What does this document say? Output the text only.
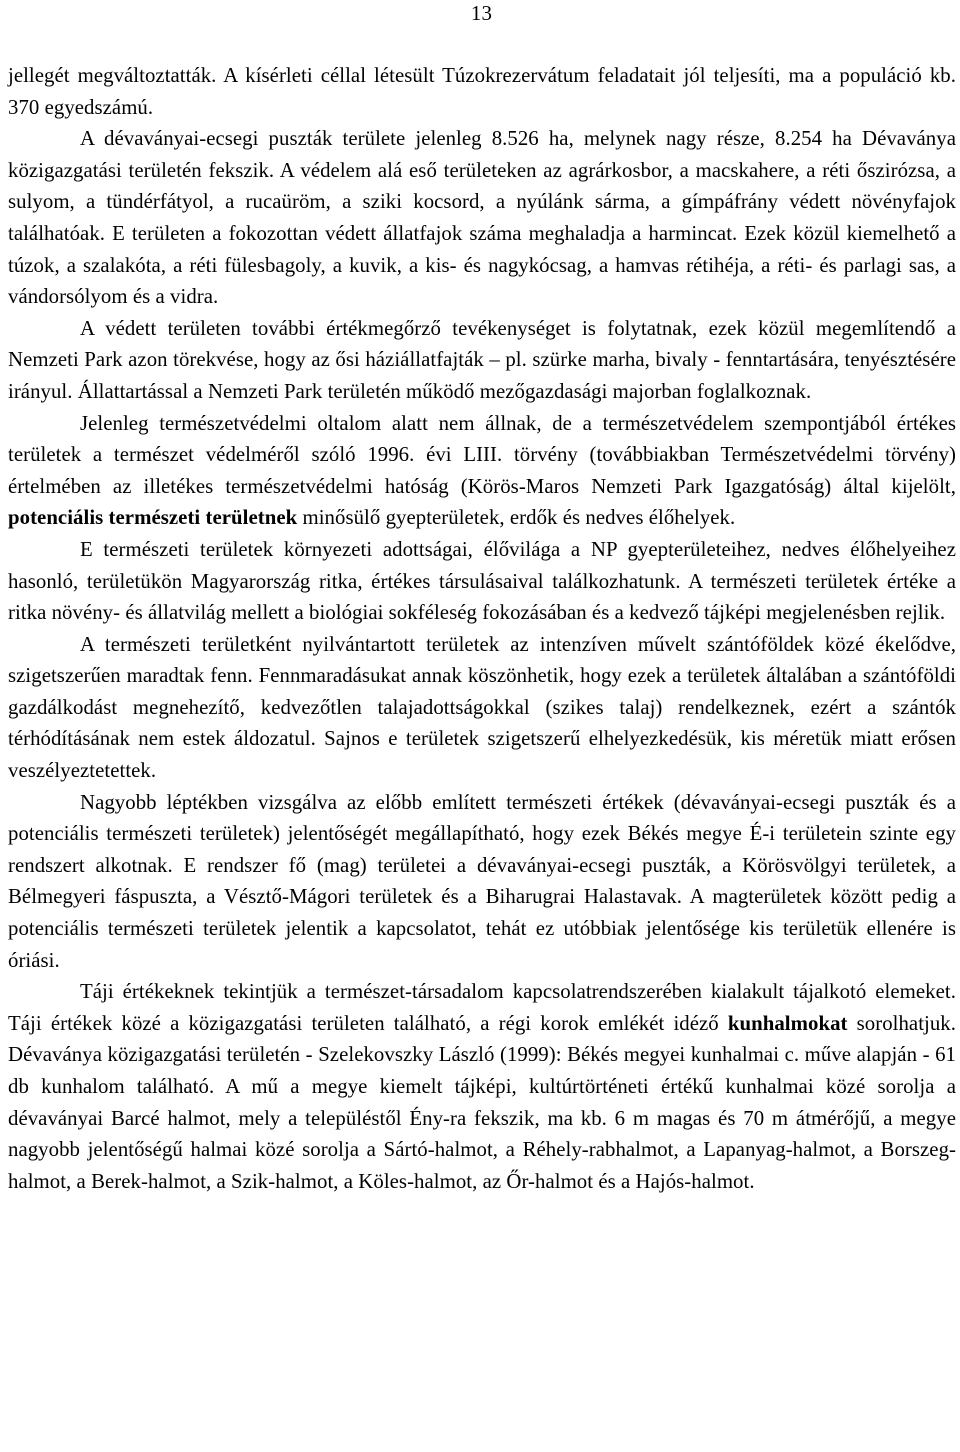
13

jellegét megváltoztatták. A kísérleti céllal létesült Túzokrezervátum feladatait jól teljesíti, ma a populáció kb. 370 egyedszámú.

A dévaványai-ecsegi puszták területe jelenleg 8.526 ha, melynek nagy része, 8.254 ha Dévaványa közigazgatási területén fekszik. A védelem alá eső területeken az agrárkosbor, a macskahere, a réti őszirózsa, a sulyom, a tündérfátyol, a rucaüröm, a sziki kocsord, a nyúlánk sárma, a gímpáfrány védett növényfajok találhatóak. E területen a fokozottan védett állatfajok száma meghaladja a harmincat. Ezek közül kiemelhető a túzok, a szalakóta, a réti fülesbagoly, a kuvik, a kis- és nagykócsag, a hamvas rétihéja, a réti- és parlagi sas, a vándorsólyom és a vidra.

A védett területen további értékmegőrző tevékenységet is folytatnak, ezek közül megemlítendő a Nemzeti Park azon törekvése, hogy az ősi háziállatfajták – pl. szürke marha, bivaly - fenntartására, tenyésztésére irányul. Állattartással a Nemzeti Park területén működő mezőgazdasági majorban foglalkoznak.

Jelenleg természetvédelmi oltalom alatt nem állnak, de a természetvédelem szempontjából értékes területek a természet védelméről szóló 1996. évi LIII. törvény (továbbiakban Természetvédelmi törvény) értelmében az illetékes természetvédelmi hatóság (Körös-Maros Nemzeti Park Igazgatóság) által kijelölt, potenciális természeti területnek minősülő gyepterületek, erdők és nedves élőhelyek.

E természeti területek környezeti adottságai, élővilága a NP gyepterületeihez, nedves élőhelyeihez hasonló, területükön Magyarország ritka, értékes társulásaival találkozhatunk. A természeti területek értéke a ritka növény- és állatvilág mellett a biológiai sokféleség fokozásában és a kedvező tájképi megjelenésben rejlik.

A természeti területként nyilvántartott területek az intenzíven művelt szántóföldek közé ékelődve, szigetszerűen maradtak fenn. Fennmaradásukat annak köszönhetik, hogy ezek a területek általában a szántóföldi gazdálkodást megnehezítő, kedvezőtlen talajadottságokkal (szikes talaj) rendelkeznek, ezért a szántók térhódításának nem estek áldozatul. Sajnos e területek szigetszerű elhelyezkedésük, kis méretük miatt erősen veszélyeztetettek.

Nagyobb léptékben vizsgálva az előbb említett természeti értékek (dévaványai-ecsegi puszták és a potenciális természeti területek) jelentőségét megállapítható, hogy ezek Békés megye É-i területein szinte egy rendszert alkotnak. E rendszer fő (mag) területei a dévaványai-ecsegi puszták, a Körösvölgyi területek, a Bélmegyeri fáspuszta, a Vésztő-Mágori területek és a Biharugrai Halastavak. A magterületek között pedig a potenciális természeti területek jelentik a kapcsolatot, tehát ez utóbbiak jelentősége kis területük ellenére is óriási.

Táji értékeknek tekintjük a természet-társadalom kapcsolatrendszerében kialakult tájalkotó elemeket. Táji értékek közé a közigazgatási területen található, a régi korok emlékét idéző kunhalmokat sorolhatjuk. Dévaványa közigazgatási területén - Szelekovszky László (1999): Békés megyei kunhalmai c. műve alapján - 61 db kunhalom található. A mű a megye kiemelt tájképi, kultúrtörténeti értékű kunhalmai közé sorolja a dévaványai Barcé halmot, mely a településtől Ény-ra fekszik, ma kb. 6 m magas és 70 m átmérőjű, a megye nagyobb jelentőségű halmai közé sorolja a Sártó-halmot, a Réhely-rabhalmot, a Lapanyag-halmot, a Borszeg-halmot, a Berek-halmot, a Szik-halmot, a Köles-halmot, az Őr-halmot és a Hajós-halmot.
